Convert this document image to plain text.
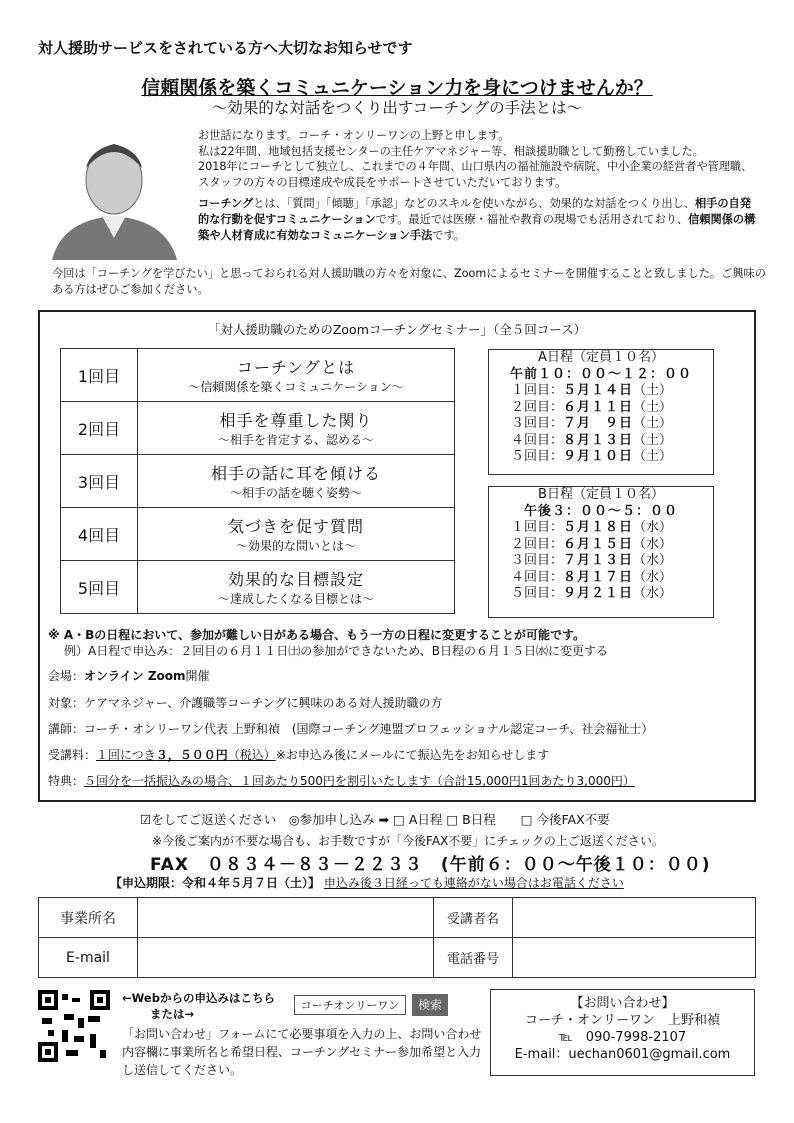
対人援助サービスをされている方へ大切なお知らせです
信頼関係を築くコミュニケーション力を身につけませんか？
～効果的な対話をつくり出すコーチングの手法とは～

お世話になります。コーチ・オンリーワンの上野と申します。
私は22年間、地域包括支援センターの主任ケアマネジャー等、相談援助職として勤務していました。
2018年にコーチとして独立し、これまでの４年間、山口県内の福祉施設や病院、中小企業の経営者や管理職、スタッフの方々の目標達成や成長をサポートさせていただいております。

コーチングとは、「質問」「傾聴」「承認」などのスキルを使いながら、効果的な対話をつくり出し、相手の自発的な行動を促すコミュニケーションです。最近では医療・福祉や教育の現場でも活用されており、信頼関係の構築や人材育成に有効なコミュニケーション手法です。

今回は「コーチングを学びたい」と思っておられる対人援助職の方々を対象に、Zoomによるセミナーを開催することと致しました。ご興味のある方はぜひご参加ください。
「対人援助職のためのZoomコーチングセミナー」（全５回コース）
1回目	コーチングとは
～信頼関係を築くコミュニケーション～

2回目	相手を尊重した関り
～相手を肯定する、認める～

3回目	相手の話に耳を傾ける
～相手の話を聴く姿勢～

4回目	気づきを促す質問
～効果的な問いとは～

5回目	効果的な目標設定
～達成したくなる目標とは～
A日程（定員１０名）
午前１０：００～１２：００
１回目：５月１４日（土）
２回目：６月１１日（土）
３回目：７月　９日（土）
４回目：８月１３日（土）
５回目：９月１０日（土）
B日程（定員１０名）
午後３：００～５：００
１回目：５月１８日（水）
２回目：６月１５日（水）
３回目：７月１３日（水）
４回目：８月１７日（水）
５回目：９月２１日（水）
※ A・Bの日程において、参加が難しい日がある場合、もう一方の日程に変更することが可能です。
例）A日程で申込み：２回目の６月１１日㈯の参加ができないため、B日程の６月１５日㈬に変更する
会場：オンライン Zoom開催
対象：ケアマネジャー、介護職等コーチングに興味のある対人援助職の方
講師：コーチ・オンリーワン代表 上野和禎　(国際コーチング連盟プロフェッショナル認定コーチ、社会福祉士）
受講料：１回につき３，５００円（税込）※お申込み後にメールにて振込先をお知らせします
特典：５回分を一括振込みの場合、１回あたり500円を割引いたします（合計15,000円1回あたり3,000円）
☑をしてご返送ください　◎参加申し込み ➡ □ A日程 □ B日程　　□ 今後FAX不要
※今後ご案内が不要な場合も、お手数ですが「今後FAX不要」にチェックの上ご返送ください。
FAX　０８３４－８３－２２３３　(午前６：００～午後１０：００)
【申込期限：令和４年５月７日（土）】 申込み後３日経っても連絡がない場合はお電話ください
事業所名		受講者名	
E-mail		電話番号	
←Webからの申込みはこちら
または→
コーチオンリーワン	検索
「お問い合わせ」フォームにて必要事項を入力の上、お問い合わせ内容欄に事業所名と希望日程、コーチングセミナー参加希望と入力し送信してください。
【お問い合わせ】
コーチ・オンリーワン　上野和禎
℡　090-7998-2107
E-mail：uechan0601@gmail.com
